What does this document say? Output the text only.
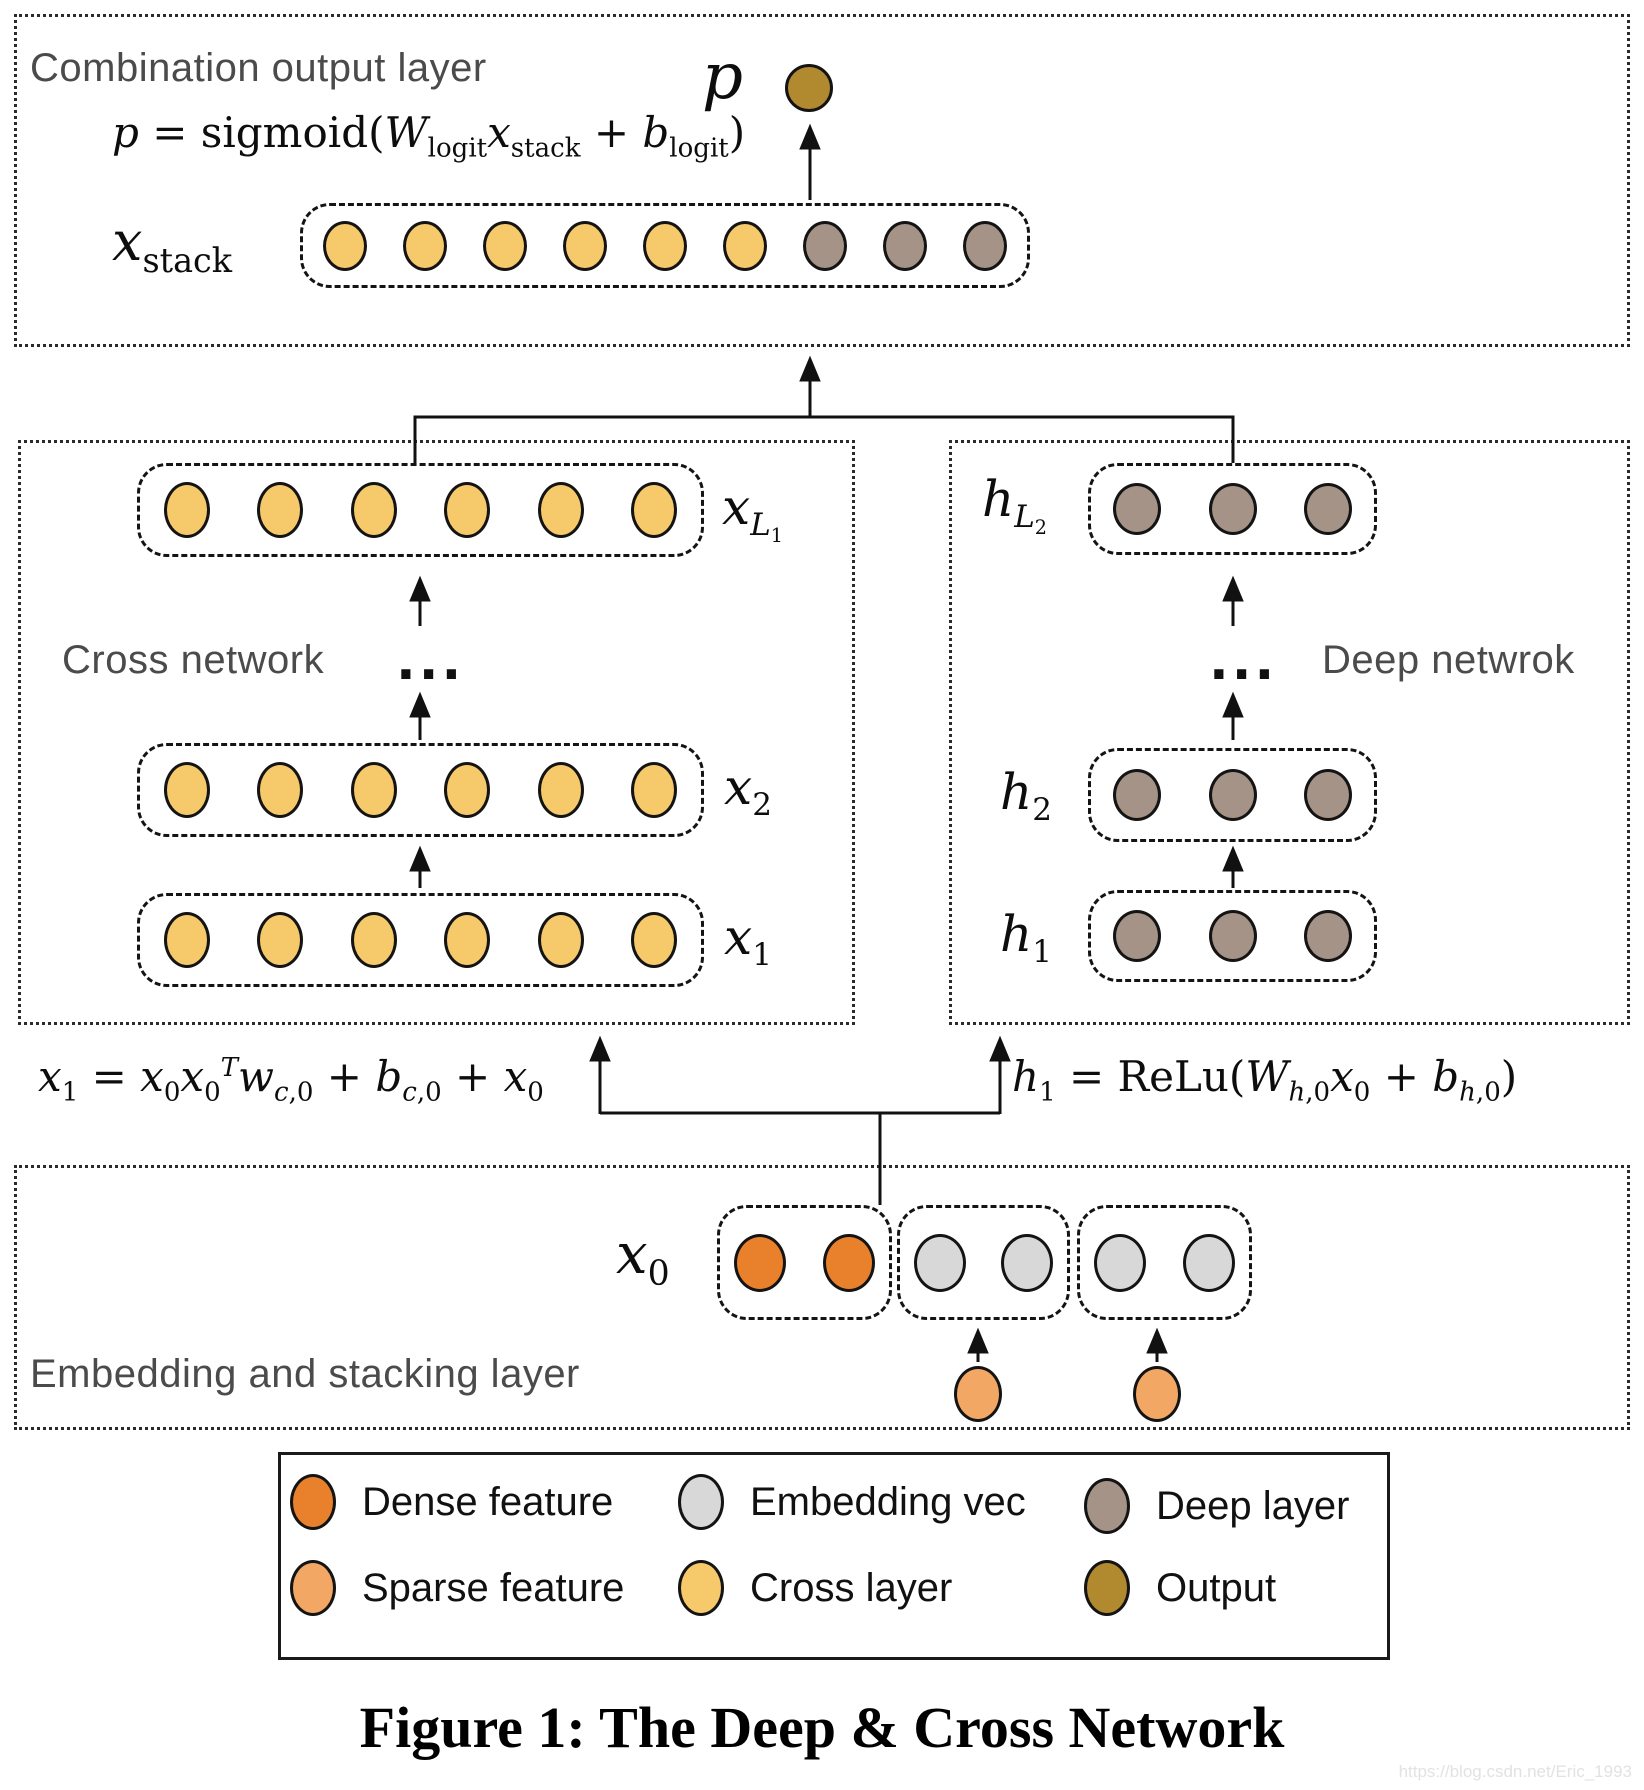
Combination output layer	p
$p = sigmoid(W_{logit}x_{stack} + b_{logit})$
$x_{stack}$
Cross network
$x_{L_1}$
...
$x_2$
$x_1$
$x_1 = x_0x_0^Tw_{c,0} + b_{c,0} + x_0$
Deep netwrok
$h_{L_2}$
...
$h_2$
$h_1$
$h_1$ = $ReLu(W_{h,0}x_0 + b_{h,0})$
Embedding and stacking layer
$x_0$
Dense feature	Embedding vec	Deep layer
Sparse feature	Cross layer	Output
Figure 1: The Deep & Cross Network
https://blog.csdn.net/Eric_1993
